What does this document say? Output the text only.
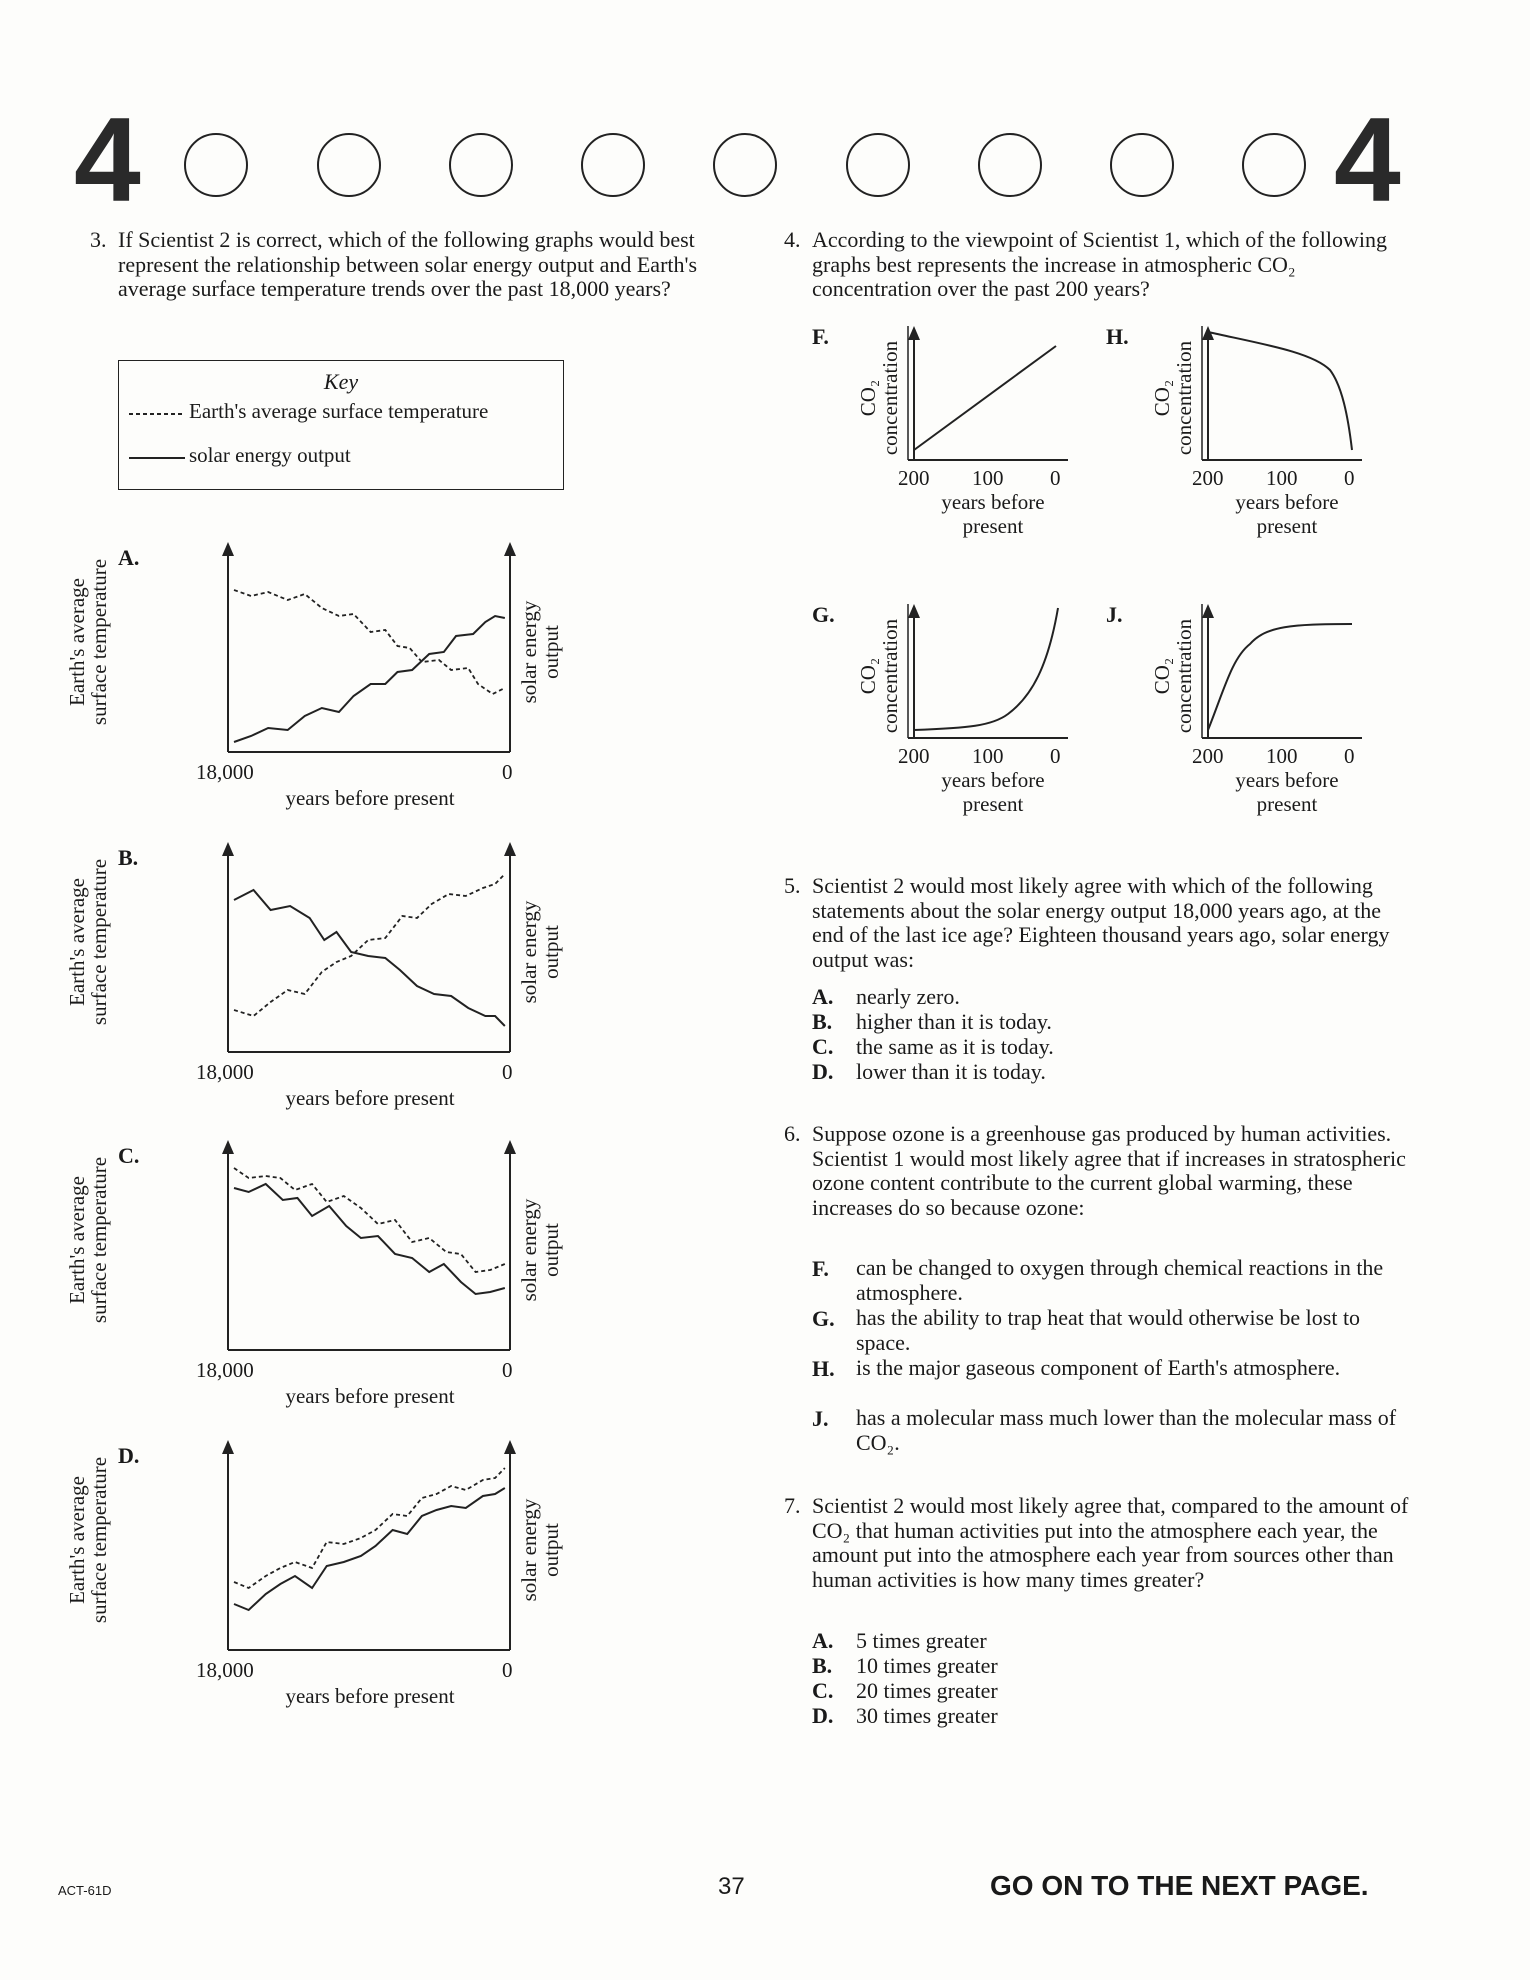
4	4
3. If Scientist 2 is correct, which of the following graphs would best represent the relationship between solar energy output and Earth's average surface temperature trends over the past 18,000 years?
Key
Earth's average surface temperature
solar energy output
A.
Earth's average
surface temperature	solar energy
output
18,000	0
years before present
B.
Earth's average
surface temperature	solar energy
output
18,000	0
years before present
C.
Earth's average
surface temperature	solar energy
output
18,000	0
years before present
D.
Earth's average
surface temperature	solar energy
output
18,000	0
years before present
4. According to the viewpoint of Scientist 1, which of the following graphs best represents the increase in atmospheric CO₂ concentration over the past 200 years?
F.
CO₂
concentration
200 100 0
years before
present
H.
CO₂
concentration
200 100 0
years before
present
G.
CO₂
concentration
200 100 0
years before
present
J.
CO₂
concentration
200 100 0
years before
present
5. Scientist 2 would most likely agree with which of the following statements about the solar energy output 18,000 years ago, at the end of the last ice age? Eighteen thousand years ago, solar energy output was:
A. nearly zero.
B. higher than it is today.
C. the same as it is today.
D. lower than it is today.
6. Suppose ozone is a greenhouse gas produced by human activities. Scientist 1 would most likely agree that if increases in stratospheric ozone content contribute to the current global warming, these increases do so because ozone:
F. can be changed to oxygen through chemical reactions in the atmosphere.
G. has the ability to trap heat that would otherwise be lost to space.
H. is the major gaseous component of Earth's atmosphere.
J. has a molecular mass much lower than the molecular mass of CO₂.
7. Scientist 2 would most likely agree that, compared to the amount of CO₂ that human activities put into the atmosphere each year, the amount put into the atmosphere each year from sources other than human activities is how many times greater?
A. 5 times greater
B. 10 times greater
C. 20 times greater
D. 30 times greater
ACT-61D	37	GO ON TO THE NEXT PAGE.
